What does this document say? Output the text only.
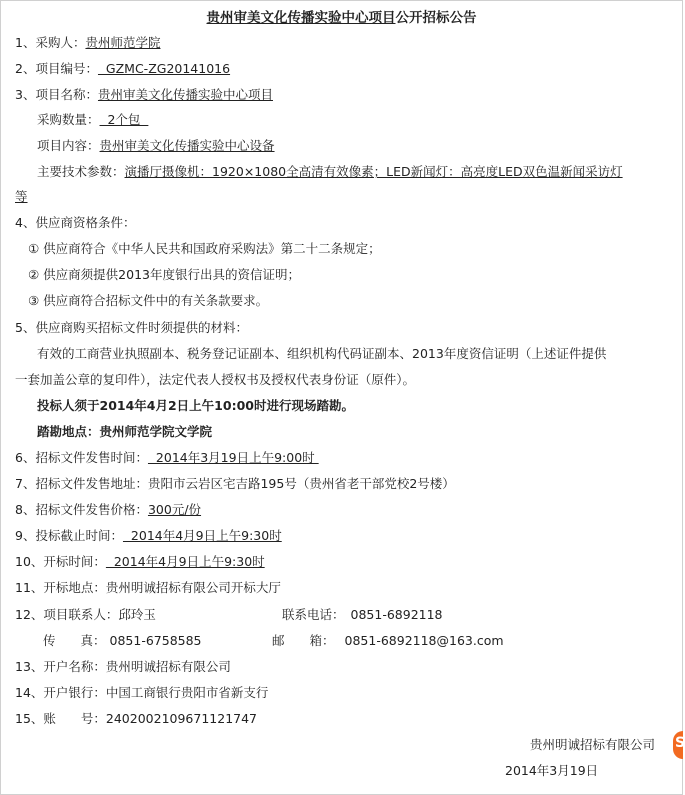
贵州审美文化传播实验中心项目公开招标公告
1、采购人：贵州师范学院
2、项目编号：  GZMC-ZG20141016
3、项目名称：贵州审美文化传播实验中心项目
采购数量：  2个包
项目内容：贵州审美文化传播实验中心设备
主要技术参数：演播厅摄像机：1920×1080全高清有效像素；LED新闻灯：高亮度LED双色温新闻采访灯
等
4、供应商资格条件：
① 供应商符合《中华人民共和国政府采购法》第二十二条规定；
② 供应商须提供2013年度银行出具的资信证明；
③ 供应商符合招标文件中的有关条款要求。
5、供应商购买招标文件时须提供的材料：
有效的工商营业执照副本、税务登记证副本、组织机构代码证副本、2013年度资信证明（上述证件提供
一套加盖公章的复印件），法定代表人授权书及授权代表身份证（原件）。
投标人须于2014年4月2日上午10:00时进行现场踏勘。
踏勘地点：贵州师范学院文学院
6、招标文件发售时间：  2014年3月19日上午9:00时
7、招标文件发售地址：贵阳市云岩区宅吉路195号（贵州省老干部党校2号楼）
8、招标文件发售价格：300元/份
9、投标截止时间：  2014年4月9日上午9:30时
10、开标时间：  2014年4月9日上午9:30时
11、开标地点：贵州明诚招标有限公司开标大厅
12、项目联系人：邱玲玉	联系电话： 0851-6892118
传　　真： 0851-6758585	邮　　箱： 0851-6892118@163.com
13、开户名称：贵州明诚招标有限公司
14、开户银行：中国工商银行贵阳市省新支行
15、账　　号：2402002109671121747
贵州明诚招标有限公司
2014年3月19日
S
